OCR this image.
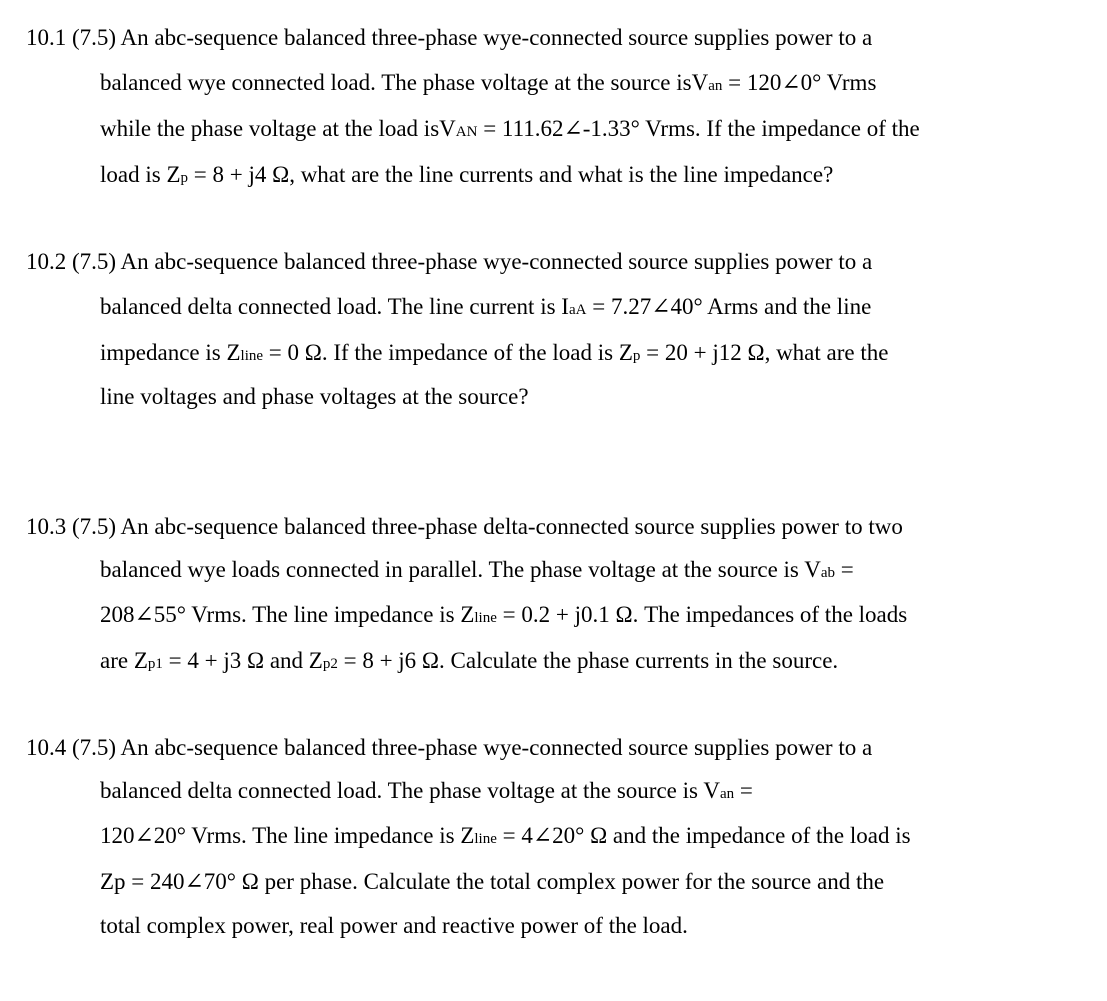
10.1 (7.5) An abc-sequence balanced three-phase wye-connected source supplies power to a
balanced wye connected load. The phase voltage at the source isVan = 120∠0° Vrms
while the phase voltage at the load isVAN = 111.62∠-1.33° Vrms. If the impedance of the
load is Zp = 8 + j4 Ω, what are the line currents and what is the line impedance?
10.2 (7.5) An abc-sequence balanced three-phase wye-connected source supplies power to a
balanced delta connected load. The line current is IaA = 7.27∠40° Arms and the line
impedance is Zline = 0 Ω. If the impedance of the load is Zp = 20 + j12 Ω, what are the
line voltages and phase voltages at the source?
10.3 (7.5) An abc-sequence balanced three-phase delta-connected source supplies power to two
balanced wye loads connected in parallel. The phase voltage at the source is Vab =
208∠55° Vrms. The line impedance is Zline = 0.2 + j0.1 Ω. The impedances of the loads
are Zp1 = 4 + j3 Ω and Zp2 = 8 + j6 Ω. Calculate the phase currents in the source.
10.4 (7.5) An abc-sequence balanced three-phase wye-connected source supplies power to a
balanced delta connected load. The phase voltage at the source is Van =
120∠20° Vrms. The line impedance is Zline = 4∠20° Ω and the impedance of the load is
Zp = 240∠70° Ω per phase. Calculate the total complex power for the source and the
total complex power, real power and reactive power of the load.
